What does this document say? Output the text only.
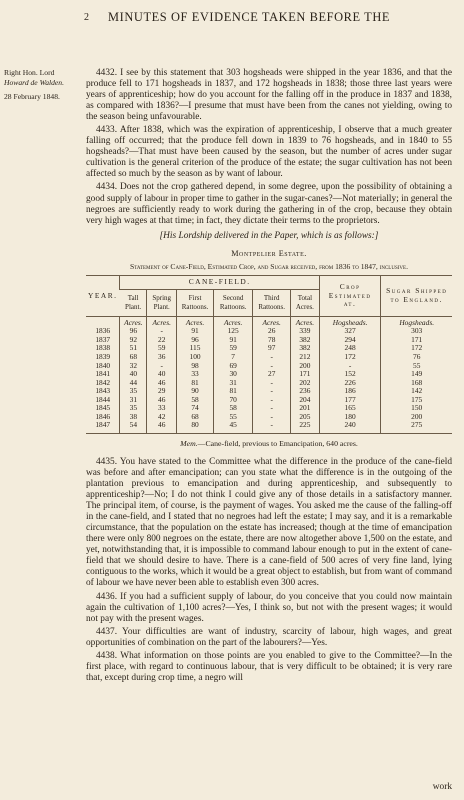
2 MINUTES OF EVIDENCE TAKEN BEFORE THE
Right Hon. Lord
Howard de Walden.
28 February 1848.

4432. I see by this statement that 303 hogsheads were shipped in the year 1836, and that the produce fell to 171 hogsheads in 1837, and 172 hogsheads in 1838; those three last years were years of apprenticeship; how do you account for the falling off in the produce in 1837 and 1838, as compared with 1836?—I presume that must have been from the canes not yielding, owing to the season being unfavourable.

4433. After 1838, which was the expiration of apprenticeship, I observe that a much greater falling off occurred; that the produce fell down in 1839 to 76 hogsheads, and in 1840 to 55 hogsheads?—That must have been caused by the season, but the number of acres under sugar cultivation is the general criterion of the produce of the estate; the sugar cultivation has not been affected so much by the season as by want of labour.

4434. Does not the crop gathered depend, in some degree, upon the possibility of obtaining a good supply of labour in proper time to gather in the sugar-canes?—Not materially; in general the negroes are sufficiently ready to work during the gathering in of the crop, because they obtain very high wages at that time; in fact, they dictate their terms to the proprietors.

[His Lordship delivered in the Paper, which is as follows:]

Montpelier Estate.
Statement of Cane-Field, Estimated Crop, and Sugar received, from 1836 to 1847, inclusive.
YEAR.	CANE-FIELD.						Crop Estimated at.	Sugar Shipped to England.
	Tall Plant.	Spring Plant.	First Rattoons.	Second Rattoons.	Third Rattoons.	Total Acres.		
	Acres.	Acres.	Acres.	Acres.	Acres.	Acres.	Hogsheads.	Hogsheads.
1836	96	-	91	125	26	339	327	303
1837	92	22	96	91	78	382	294	171
1838	51	59	115	59	97	382	248	172
1839	68	36	100	7	-	212	172	76
1840	32	-	98	69	-	200	-	55
1841	40	40	33	30	27	171	152	149
1842	44	46	81	31	-	202	226	168
1843	35	29	90	81	-	236	186	142
1844	31	46	58	70	-	204	177	175
1845	35	33	74	58	-	201	165	150
1846	38	42	68	55	-	205	180	200
1847	54	46	80	45	-	225	240	275

Mem.—Cane-field, previous to Emancipation, 640 acres.

4435. You have stated to the Committee what the difference in the produce of the cane-field was before and after emancipation; can you state what the difference is in the outgoing of the plantation previous to emancipation and during apprenticeship, and subsequently to apprenticeship?—No; I do not think I could give any of those details in a satisfactory manner. The principal item, of course, is the payment of wages. You asked me the cause of the falling-off in the cane-field, and I stated that no negroes had left the estate; I may say, and it is a remarkable circumstance, that the population on the estate has increased; though at the time of emancipation there were only 800 negroes on the estate, there are now altogether above 1,500 on the estate, and yet, notwithstanding that, it is impossible to command labour enough to put in the extent of cane-field that we should desire to have. There is a cane-field of 500 acres of very fine land, lying contiguous to the works, which it would be a great object to establish, but from want of command of labour we have never been able to establish even 300 acres.

4436. If you had a sufficient supply of labour, do you conceive that you could now maintain again the cultivation of 1,100 acres?—Yes, I think so, but not with the present wages; it would not pay with the present wages.

4437. Your difficulties are want of industry, scarcity of labour, high wages, and great opportunities of combination on the part of the labourers?—Yes.

4438. What information on those points are you enabled to give to the Committee?—In the first place, with regard to continuous labour, that is very difficult to be obtained; it is very rare that, except during crop time, a negro will

work
